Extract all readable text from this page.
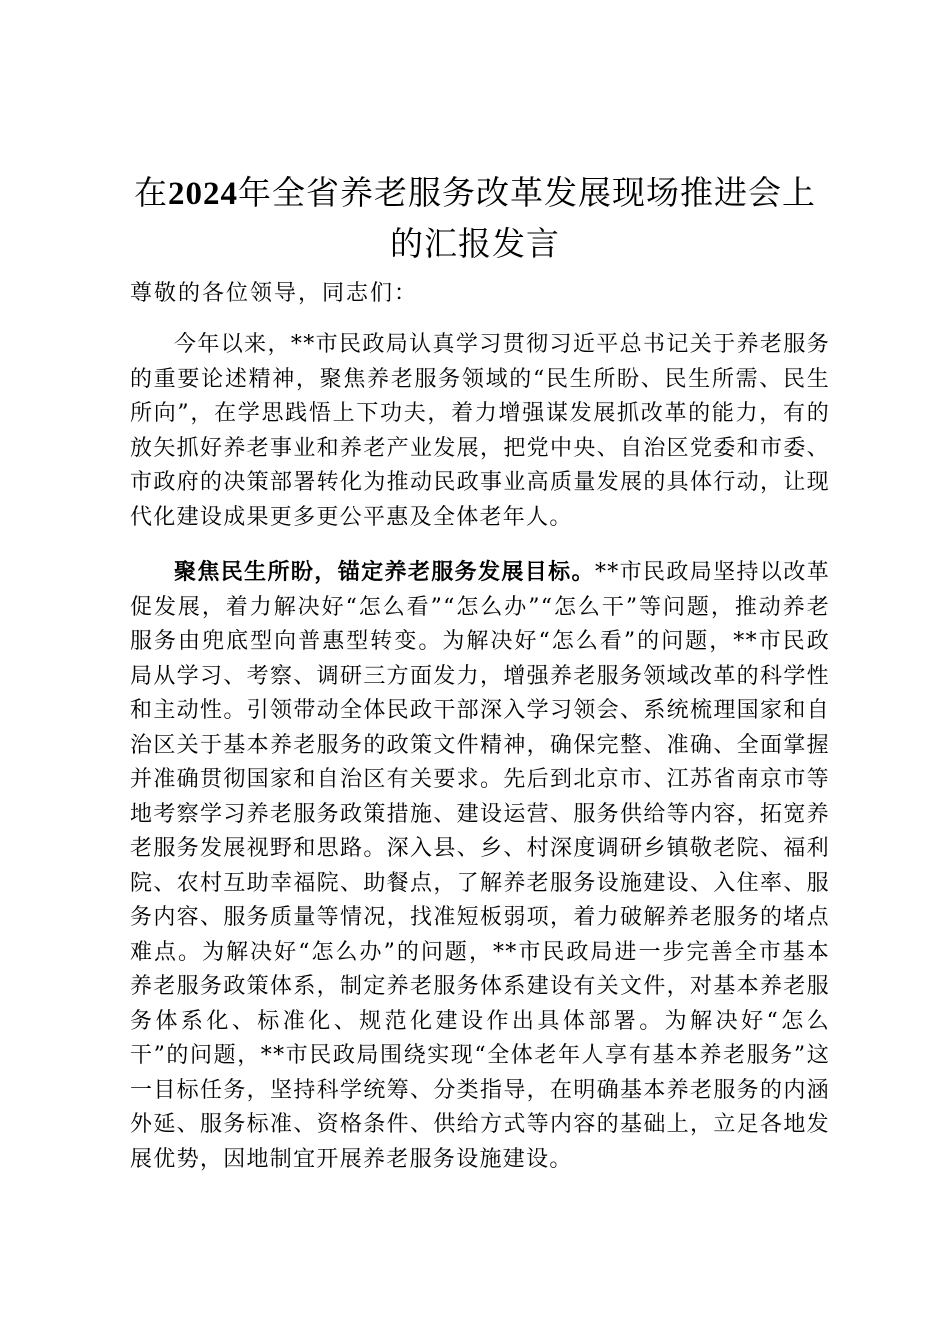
在2024年全省养老服务改革发展现场推进会上的汇报发言

尊敬的各位领导，同志们：

今年以来，**市民政局认真学习贯彻习近平总书记关于养老服务的重要论述精神，聚焦养老服务领域的“民生所盼、民生所需、民生所向”，在学思践悟上下功夫，着力增强谋发展抓改革的能力，有的放矢抓好养老事业和养老产业发展，把党中央、自治区党委和市委、市政府的决策部署转化为推动民政事业高质量发展的具体行动，让现代化建设成果更多更公平惠及全体老年人。

聚焦民生所盼，锚定养老服务发展目标。**市民政局坚持以改革促发展，着力解决好“怎么看”“怎么办”“怎么干”等问题，推动养老服务由兜底型向普惠型转变。为解决好“怎么看”的问题，**市民政局从学习、考察、调研三方面发力，增强养老服务领域改革的科学性和主动性。引领带动全体民政干部深入学习领会、系统梳理国家和自治区关于基本养老服务的政策文件精神，确保完整、准确、全面掌握并准确贯彻国家和自治区有关要求。先后到北京市、江苏省南京市等地考察学习养老服务政策措施、建设运营、服务供给等内容，拓宽养老服务发展视野和思路。深入县、乡、村深度调研乡镇敬老院、福利院、农村互助幸福院、助餐点，了解养老服务设施建设、入住率、服务内容、服务质量等情况，找准短板弱项，着力破解养老服务的堵点难点。为解决好“怎么办”的问题，**市民政局进一步完善全市基本养老服务政策体系，制定养老服务体系建设有关文件，对基本养老服务体系化、标准化、规范化建设作出具体部署。为解决好“怎么干”的问题，**市民政局围绕实现“全体老年人享有基本养老服务”这一目标任务，坚持科学统筹、分类指导，在明确基本养老服务的内涵外延、服务标准、资格条件、供给方式等内容的基础上，立足各地发展优势，因地制宜开展养老服务设施建设。
